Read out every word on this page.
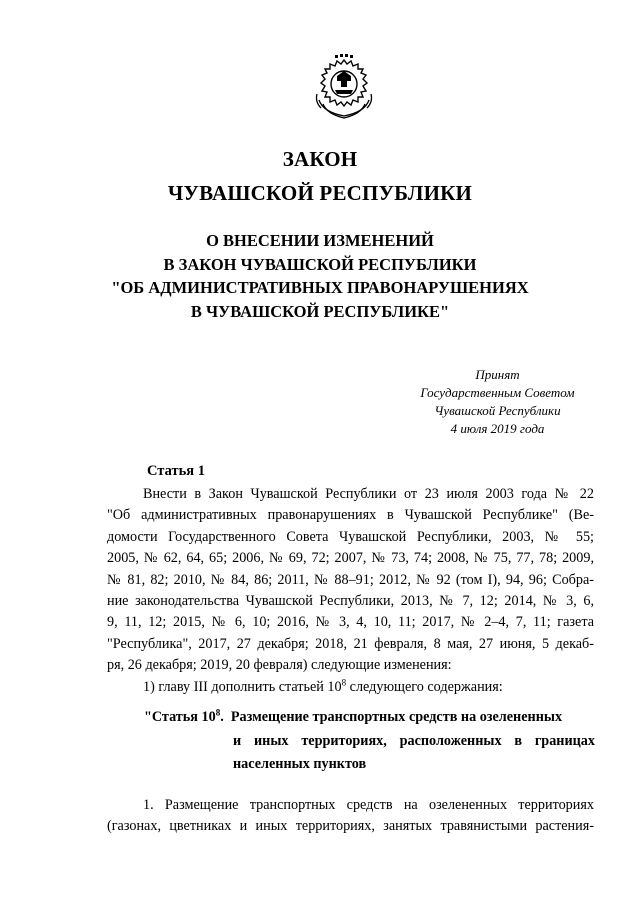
ЗАКОН
ЧУВАШСКОЙ РЕСПУБЛИКИ
О ВНЕСЕНИИ ИЗМЕНЕНИЙ
В ЗАКОН ЧУВАШСКОЙ РЕСПУБЛИКИ
"ОБ АДМИНИСТРАТИВНЫХ ПРАВОНАРУШЕНИЯХ
В ЧУВАШСКОЙ РЕСПУБЛИКЕ"
Принят
Государственным Советом
Чувашской Республики
4 июля 2019 года
Статья 1
Внести в Закон Чувашской Республики от 23 июля 2003 года № 22
"Об административных правонарушениях в Чувашской Республике" (Ве-
домости Государственного Совета Чувашской Республики, 2003, № 55;
2005, № 62, 64, 65; 2006, № 69, 72; 2007, № 73, 74; 2008, № 75, 77, 78; 2009,
№ 81, 82; 2010, № 84, 86; 2011, № 88–91; 2012, № 92 (том I), 94, 96; Собра-
ние законодательства Чувашской Республики, 2013, № 7, 12; 2014, № 3, 6,
9, 11, 12; 2015, № 6, 10; 2016, № 3, 4, 10, 11; 2017, № 2–4, 7, 11; газета
"Республика", 2017, 27 декабря; 2018, 21 февраля, 8 мая, 27 июня, 5 декаб-
ря, 26 декабря; 2019, 20 февраля) следующие изменения:
1) главу III дополнить статьей $10^8$ следующего содержания:
"Статья $10^8$. Размещение транспортных средств на озелененных
и иных территориях, расположенных в границах
населенных пунктов
1. Размещение транспортных средств на озелененных территориях
(газонах, цветниках и иных территориях, занятых травянистыми растения-
